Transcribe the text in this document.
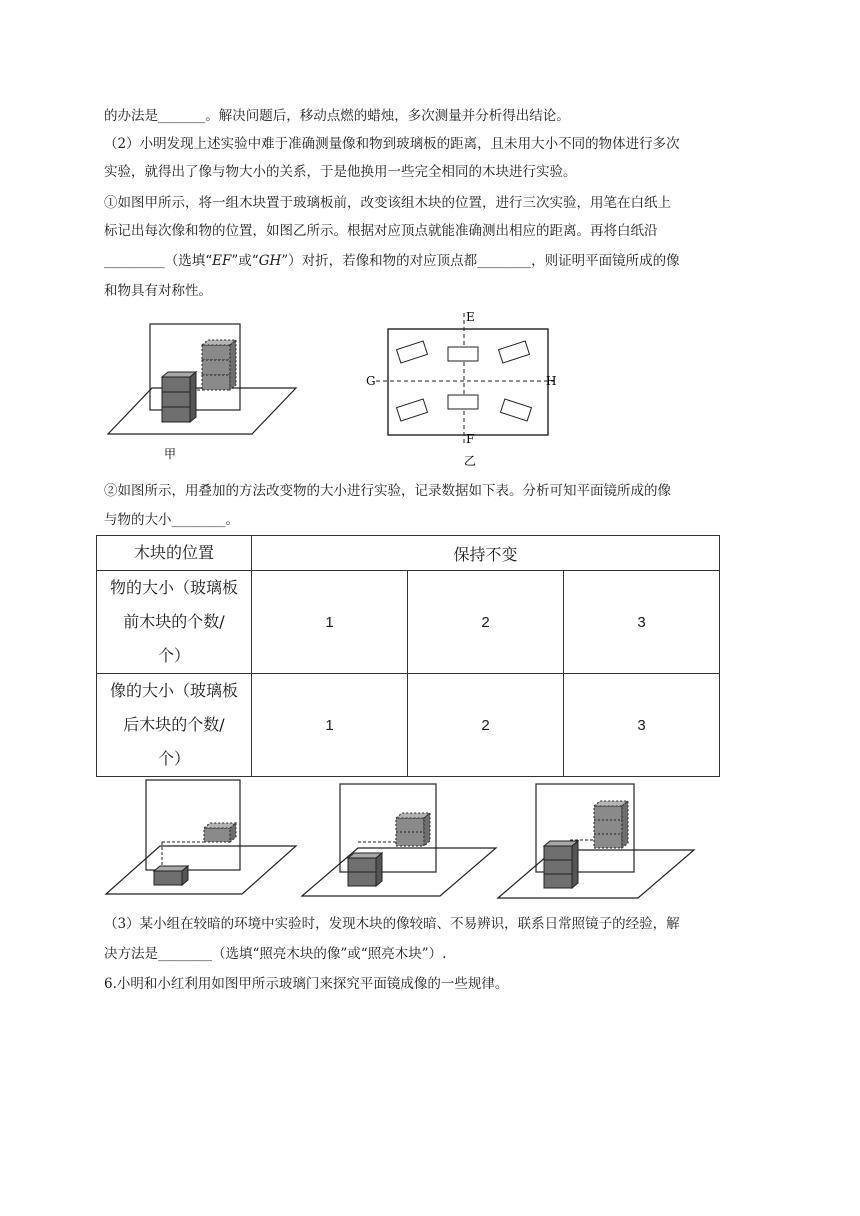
的办法是_______。解决问题后，移动点燃的蜡烛，多次测量并分析得出结论。
（2）小明发现上述实验中难于准确测量像和物到玻璃板的距离，且未用大小不同的物体进行多次
实验，就得出了像与物大小的关系，于是他换用一些完全相同的木块进行实验。
①如图甲所示，将一组木块置于玻璃板前，改变该组木块的位置，进行三次实验，用笔在白纸上
标记出每次像和物的位置，如图乙所示。根据对应顶点就能准确测出相应的距离。再将白纸沿
_________（选填“EF”或“GH”）对折，若像和物的对应顶点都________，则证明平面镜所成的像
和物具有对称性。
甲
E
F
G	H
乙
②如图所示，用叠加的方法改变物的大小进行实验，记录数据如下表。分析可知平面镜所成的像
与物的大小________。
木块的位置	保持不变		

物的大小（玻璃板
前木块的个数/
个）	1	2	3

像的大小（玻璃板
后木块的个数/
个）	1	2	3
（3）某小组在较暗的环境中实验时，发现木块的像较暗、不易辨识，联系日常照镜子的经验，解
决方法是________（选填“照亮木块的像”或“照亮木块”）.
6.小明和小红利用如图甲所示玻璃门来探究平面镜成像的一些规律。
